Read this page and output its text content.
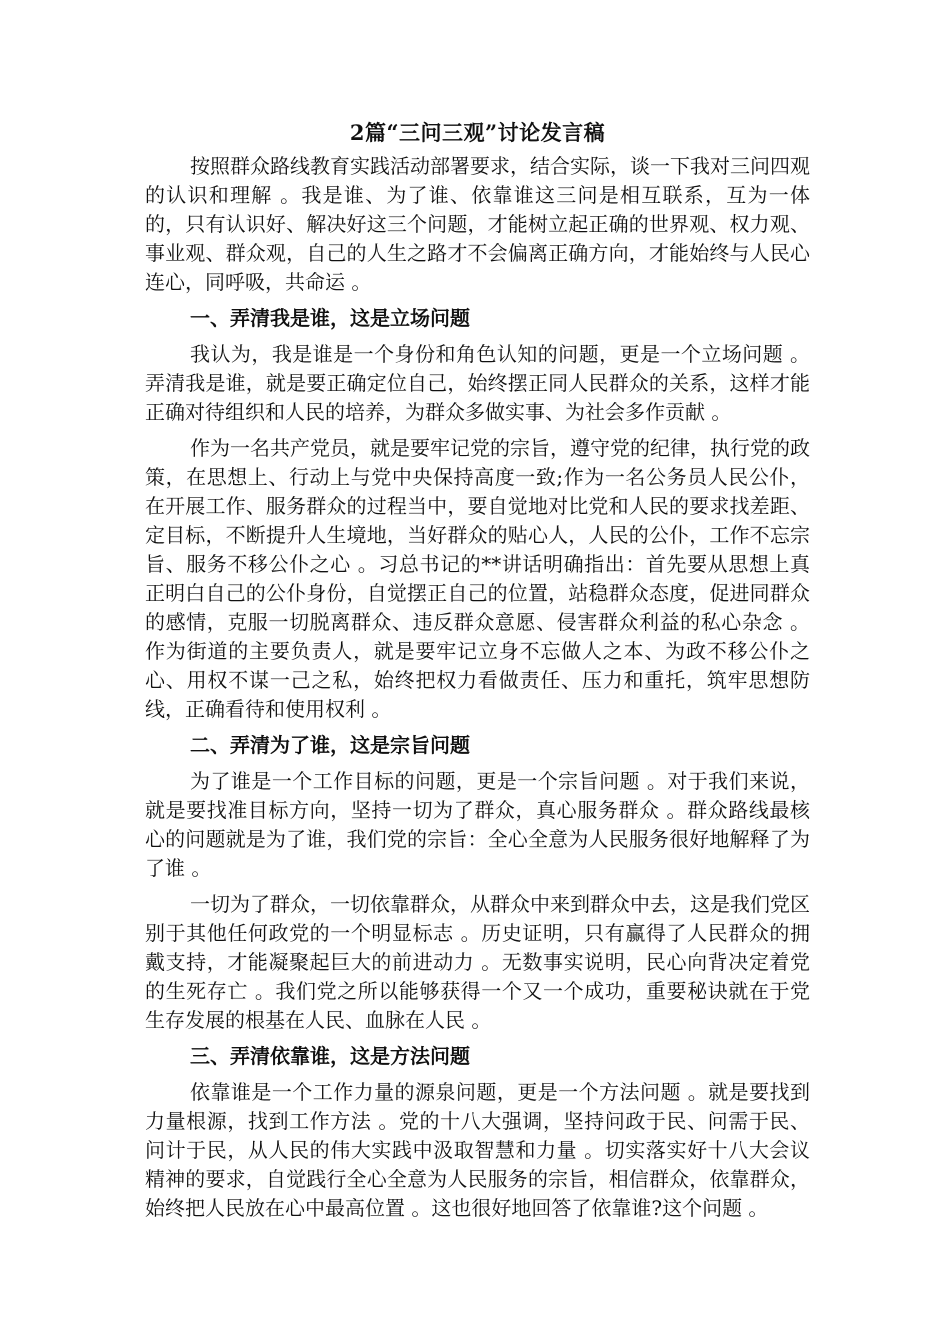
2篇“三问三观”讨论发言稿

按照群众路线教育实践活动部署要求，结合实际，谈一下我对三问四观的认识和理解 。我是谁、为了谁、依靠谁这三问是相互联系，互为一体的，只有认识好、解决好这三个问题，才能树立起正确的世界观、权力观、事业观、群众观，自己的人生之路才不会偏离正确方向，才能始终与人民心连心，同呼吸，共命运 。

一、弄清我是谁，这是立场问题

我认为，我是谁是一个身份和角色认知的问题，更是一个立场问题 。弄清我是谁，就是要正确定位自己，始终摆正同人民群众的关系，这样才能正确对待组织和人民的培养，为群众多做实事、为社会多作贡献 。

作为一名共产党员，就是要牢记党的宗旨，遵守党的纪律，执行党的政策，在思想上、行动上与党中央保持高度一致;作为一名公务员人民公仆，在开展工作、服务群众的过程当中，要自觉地对比党和人民的要求找差距、定目标，不断提升人生境地，当好群众的贴心人，人民的公仆，工作不忘宗旨、服务不移公仆之心 。习总书记的**讲话明确指出：首先要从思想上真正明白自己的公仆身份，自觉摆正自己的位置，站稳群众态度，促进同群众的感情，克服一切脱离群众、违反群众意愿、侵害群众利益的私心杂念 。作为街道的主要负责人，就是要牢记立身不忘做人之本、为政不移公仆之心、用权不谋一己之私，始终把权力看做责任、压力和重托，筑牢思想防线，正确看待和使用权利 。

二、弄清为了谁，这是宗旨问题

为了谁是一个工作目标的问题，更是一个宗旨问题 。对于我们来说，就是要找准目标方向，坚持一切为了群众，真心服务群众 。群众路线最核心的问题就是为了谁，我们党的宗旨：全心全意为人民服务很好地解释了为了谁 。

一切为了群众，一切依靠群众，从群众中来到群众中去，这是我们党区别于其他任何政党的一个明显标志 。历史证明，只有赢得了人民群众的拥戴支持，才能凝聚起巨大的前进动力 。无数事实说明，民心向背决定着党的生死存亡 。我们党之所以能够获得一个又一个成功，重要秘诀就在于党生存发展的根基在人民、血脉在人民 。

三、弄清依靠谁，这是方法问题

依靠谁是一个工作力量的源泉问题，更是一个方法问题 。就是要找到力量根源，找到工作方法 。党的十八大强调，坚持问政于民、问需于民、问计于民，从人民的伟大实践中汲取智慧和力量 。切实落实好十八大会议精神的要求，自觉践行全心全意为人民服务的宗旨，相信群众，依靠群众，始终把人民放在心中最高位置 。这也很好地回答了依靠谁?这个问题 。
